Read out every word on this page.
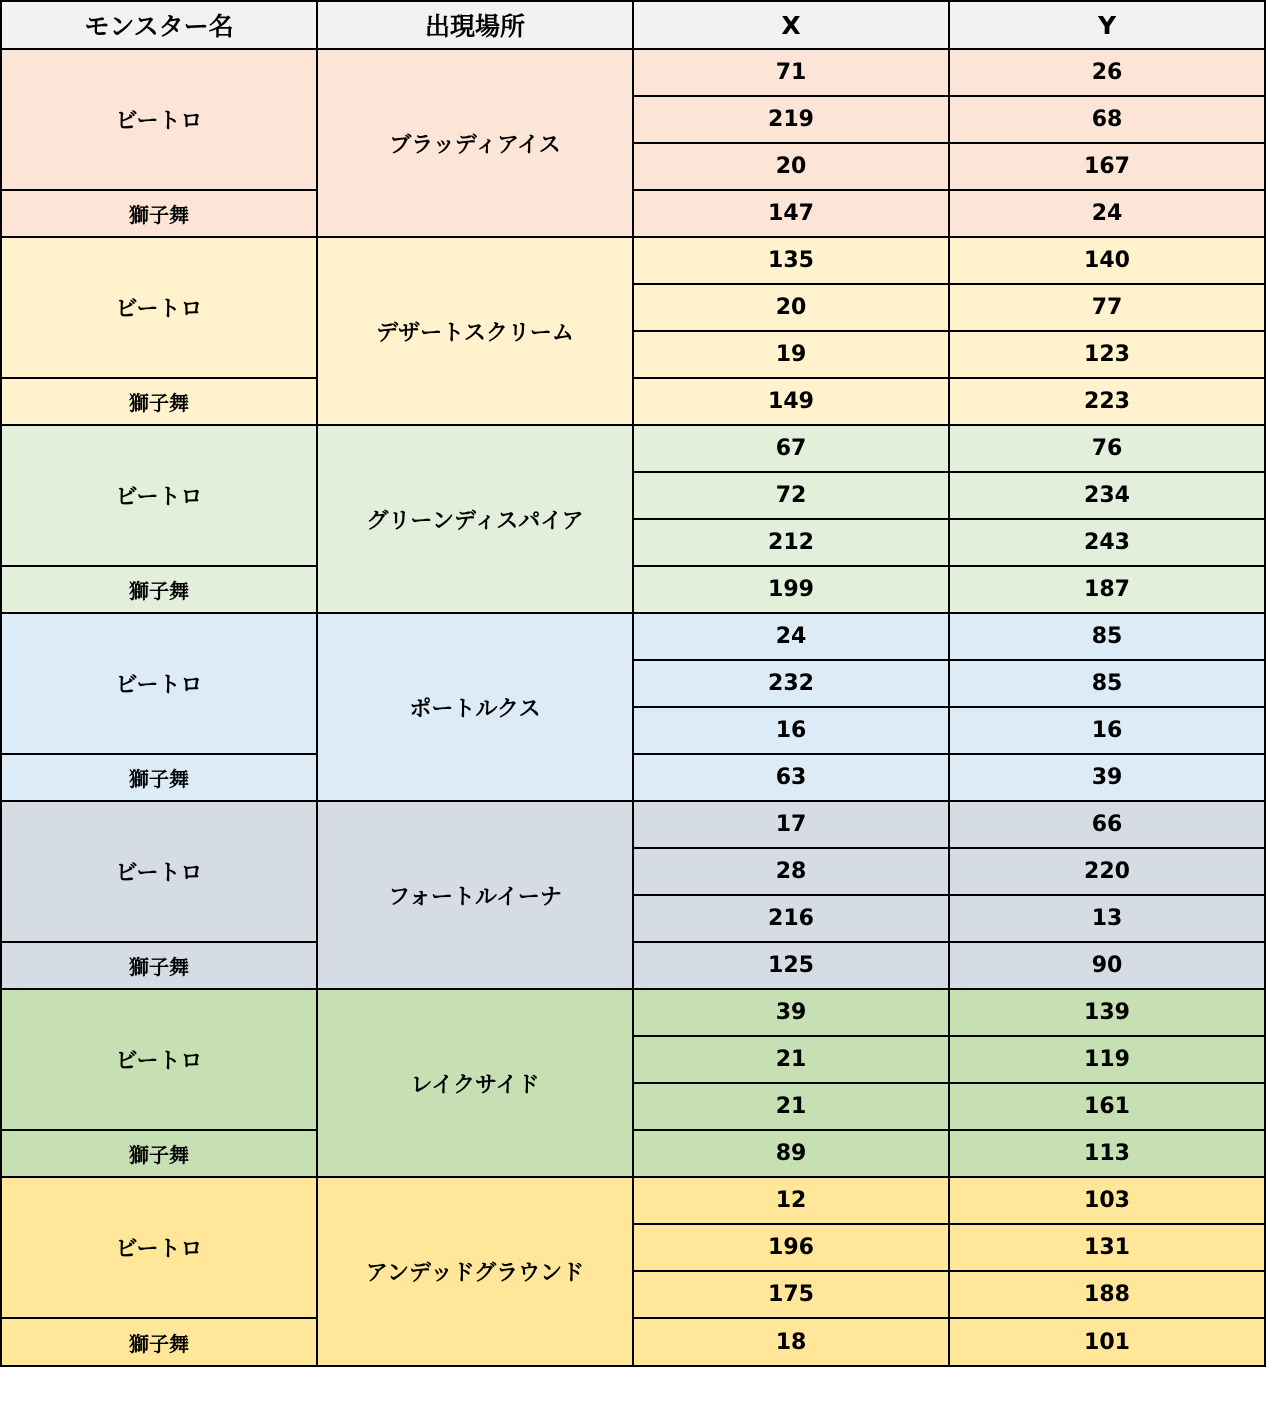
モンスター名	出現場所	X	Y
ビートロ	ブラッディアイス	71	26
		219	68
		20	167
獅子舞		147	24
ビートロ	デザートスクリーム	135	140
		20	77
		19	123
獅子舞		149	223
ビートロ	グリーンディスパイア	67	76
		72	234
		212	243
獅子舞		199	187
ビートロ	ポートルクス	24	85
		232	85
		16	16
獅子舞		63	39
ビートロ	フォートルイーナ	17	66
		28	220
		216	13
獅子舞		125	90
ビートロ	レイクサイド	39	139
		21	119
		21	161
獅子舞		89	113
ビートロ	アンデッドグラウンド	12	103
		196	131
		175	188
獅子舞		18	101
